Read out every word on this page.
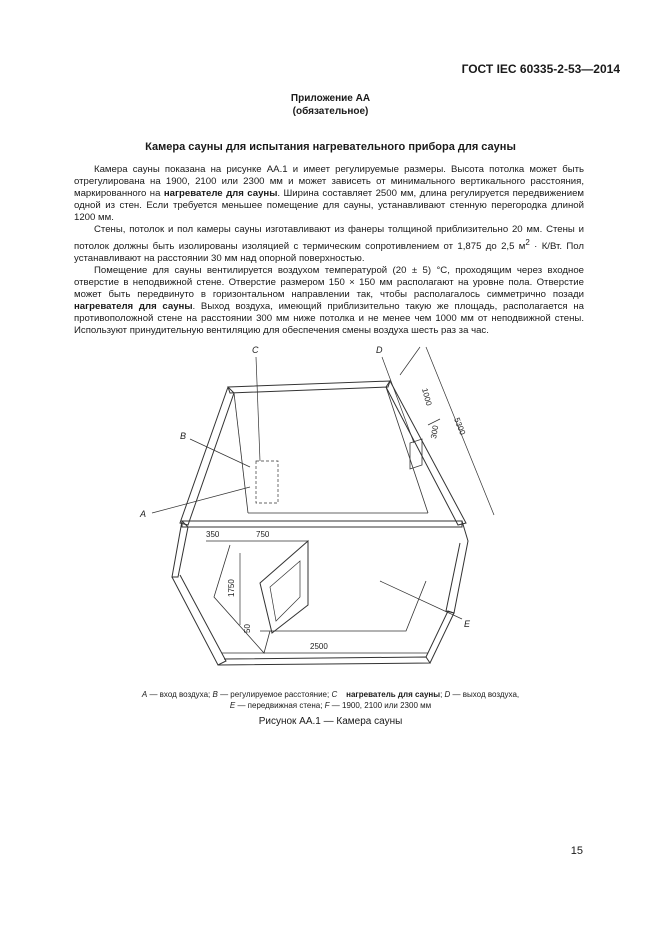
ГОСТ IEC 60335-2-53—2014
Приложение АА
(обязательное)
Камера сауны для испытания нагревательного прибора для сауны

Камера сауны показана на рисунке АА.1 и имеет регулируемые размеры. Высота потолка может быть отрегулирована на 1900, 2100 или 2300 мм и может зависеть от минимального вертикального расстояния, маркированного на нагревателе для сауны. Ширина составляет 2500 мм, длина регулируется передвижением одной из стен. Если требуется меньшее помещение для сауны, устанавливают стенную перегородка длиной 1200 мм.

Стены, потолок и пол камеры сауны изготавливают из фанеры толщиной приблизительно 20 мм. Стены и потолок должны быть изолированы изоляцией с термическим сопротивлением от 1,875 до 2,5 $м^2 \cdot К/Вт$. Пол устанавливают на расстоянии 30 мм над опорной поверхностью.

Помещение для сауны вентилируется воздухом температурой (20 ± 5) °С, проходящим через входное отверстие в неподвижной стене. Отверстие размером 150 × 150 мм располагают на уровне пола. Отверстие может быть передвинуто в горизонтальном направлении так, чтобы располагалось симметрично позади нагревателя для сауны. Выход воздуха, имеющий приблизительно такую же площадь, располагается на противоположной стене на расстоянии 300 мм ниже потолка и не менее чем 1000 мм от неподвижной стены. Используют принудительную вентиляцию для обеспечения смены воздуха шесть раз за час.

C	D
B
A
E
1000
300 5300
350	750
1750
50
2500
A — вход воздуха; B — регулируемое расстояние; C нагреватель для сауны; D — выход воздуха,
E — передвижная стена; F — 1900, 2100 или 2300 мм
Рисунок АА.1 — Камера сауны
15
